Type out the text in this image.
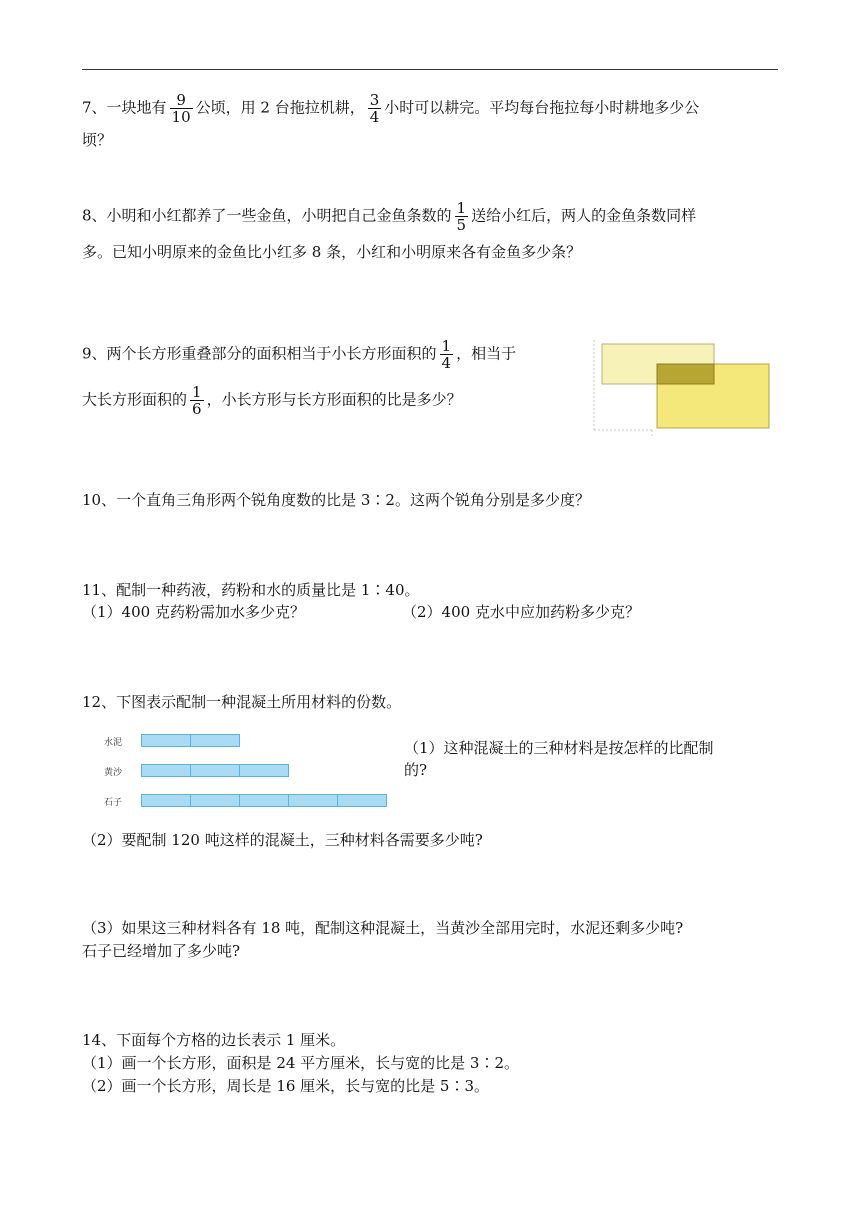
7、一块地有 $\frac{9}{10}$ 公顷，用 2 台拖拉机耕， $\frac{3}{4}$ 小时可以耕完。平均每台拖拉每小时耕地多少公
顷？
8、小明和小红都养了一些金鱼，小明把自己金鱼条数的 $\frac{1}{5}$ 送给小红后，两人的金鱼条数同样
多。已知小明原来的金鱼比小红多 8 条，小红和小明原来各有金鱼多少条？
9、两个长方形重叠部分的面积相当于小长方形面积的 $\frac{1}{4}$ ，相当于
大长方形面积的 $\frac{1}{6}$ ，小长方形与长方形面积的比是多少？
10、一个直角三角形两个锐角度数的比是 3∶2。这两个锐角分别是多少度？
11、配制一种药液，药粉和水的质量比是 1∶40。
（1）400 克药粉需加水多少克？	（2）400 克水中应加药粉多少克？
12、下图表示配制一种混凝土所用材料的份数。
水泥
黄沙
石子
（1）这种混凝土的三种材料是按怎样的比配制
的?
（2）要配制 120 吨这样的混凝土，三种材料各需要多少吨?
（3）如果这三种材料各有 18 吨，配制这种混凝土，当黄沙全部用完时，水泥还剩多少吨?
石子已经增加了多少吨?
14、下面每个方格的边长表示 1 厘米。
（1）画一个长方形，面积是 24 平方厘米，长与宽的比是 3∶2。
（2）画一个长方形，周长是 16 厘米，长与宽的比是 5∶3。
